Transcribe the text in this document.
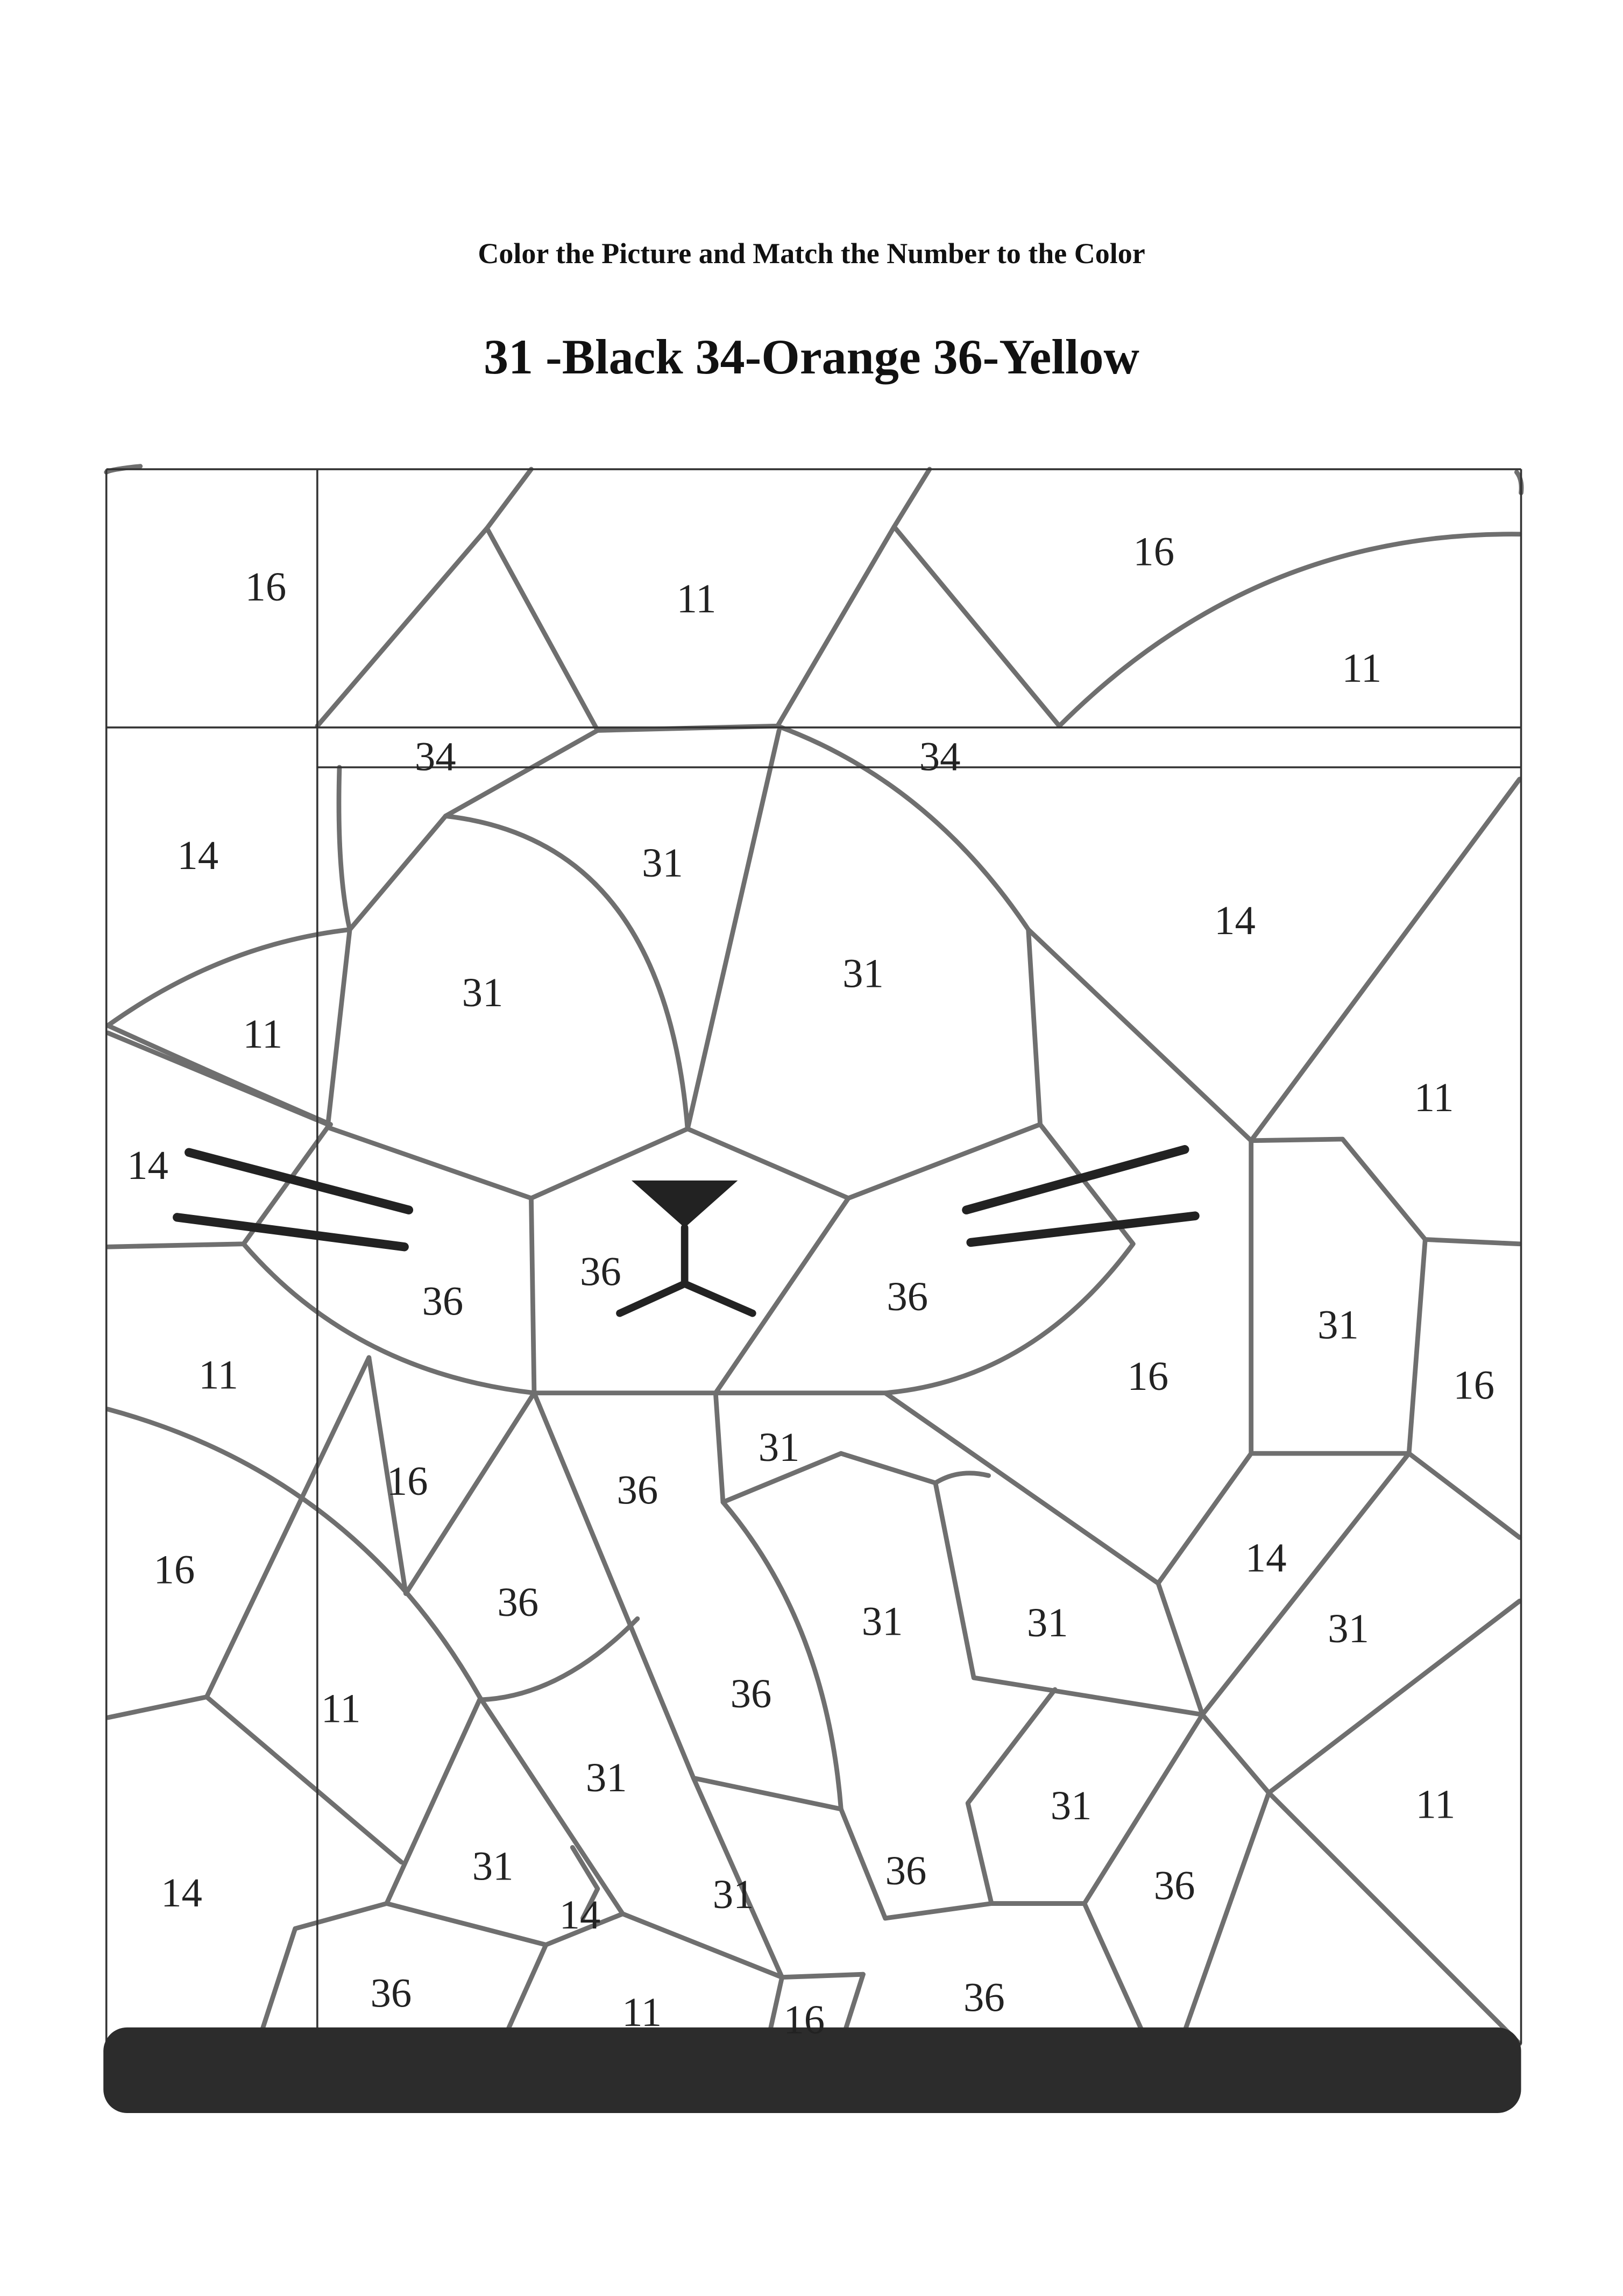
Color the Picture and Match the Number to the Color
31 -Black 34-Orange 36-Yellow
16	11
16
11
34	34
14	31
31	31
14
11
11
14
36
36	36
11	16
31
16
16	36
31
16
36	31	31
14
31
11	36
31
11
31
14
31	36
31
14
36
36	11	36
16
